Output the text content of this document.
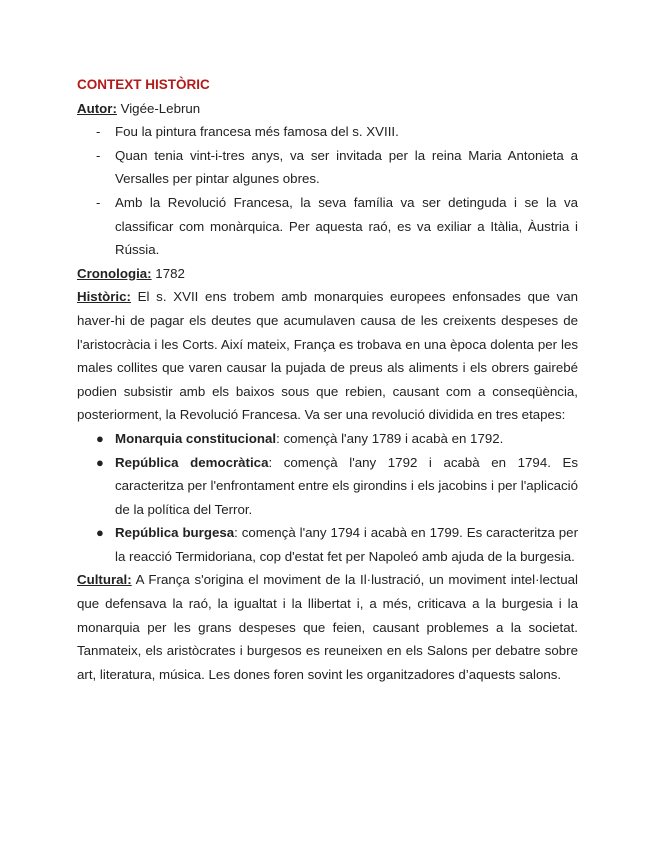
CONTEXT HISTÒRIC

Autor: Vigée-Lebrun

- Fou la pintura francesa més famosa del s. XVIII.
- Quan tenia vint-i-tres anys, va ser invitada per la reina Maria Antonieta a Versalles per pintar algunes obres.
- Amb la Revolució Francesa, la seva família va ser detinguda i se la va classificar com monàrquica. Per aquesta raó, es va exiliar a Itàlia, Àustria i Rússia.

Cronologia: 1782

Històric: El s. XVII ens trobem amb monarquies europees enfonsades que van haver-hi de pagar els deutes que acumulaven causa de les creixents despeses de l'aristocràcia i les Corts. Així mateix, França es trobava en una època dolenta per les males collites que varen causar la pujada de preus als aliments i els obrers gairebé podien subsistir amb els baixos sous que rebien, causant com a conseqüència, posteriorment, la Revolució Francesa. Va ser una revolució dividida en tres etapes:

● Monarquia constitucional: començà l'any 1789 i acabà en 1792.
● República democràtica: començà l'any 1792 i acabà en 1794. Es caracteritza per l'enfrontament entre els girondins i els jacobins i per l'aplicació de la política del Terror.
● República burgesa: començà l'any 1794 i acabà en 1799. Es caracteritza per la reacció Termidoriana, cop d'estat fet per Napoleó amb ajuda de la burgesia.

Cultural: A França s'origina el moviment de la Il·lustració, un moviment intel·lectual que defensava la raó, la igualtat i la llibertat i, a més, criticava a la burgesia i la monarquia per les grans despeses que feien, causant problemes a la societat. Tanmateix, els aristòcrates i burgesos es reuneixen en els Salons per debatre sobre art, literatura, música. Les dones foren sovint les organitzadores d’aquests salons.
